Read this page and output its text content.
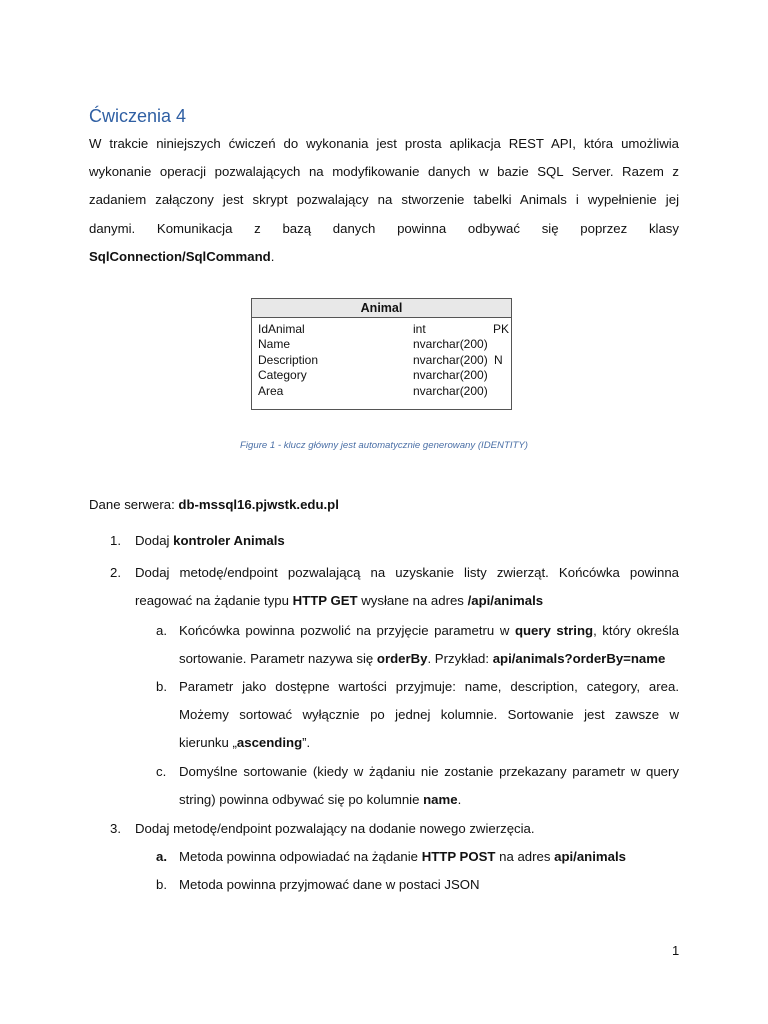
Ćwiczenia 4
W trakcie niniejszych ćwiczeń do wykonania jest prosta aplikacja REST API, która umożliwia
wykonanie operacji pozwalających na modyfikowanie danych w bazie SQL Server. Razem z
zadaniem załączony jest skrypt pozwalający na stworzenie tabelki Animals i wypełnienie jej
danymi. Komunikacja z bazą danych powinna odbywać się poprzez klasy
SqlConnection/SqlCommand.
Animal
IdAnimal	int	PK
Name	nvarchar(200)
Description	nvarchar(200) N
Category	nvarchar(200)
Area	nvarchar(200)
Figure 1 - klucz główny jest automatycznie generowany (IDENTITY)
Dane serwera: db-mssql16.pjwstk.edu.pl
1. Dodaj kontroler Animals
2. Dodaj metodę/endpoint pozwalającą na uzyskanie listy zwierząt. Końcówka powinna
reagować na żądanie typu HTTP GET wysłane na adres /api/animals
a. Końcówka powinna pozwolić na przyjęcie parametru w query string, który określa
sortowanie. Parametr nazywa się orderBy. Przykład: api/animals?orderBy=name
b. Parametr jako dostępne wartości przyjmuje: name, description, category, area.
Możemy sortować wyłącznie po jednej kolumnie. Sortowanie jest zawsze w
kierunku „ascending”.
c. Domyślne sortowanie (kiedy w żądaniu nie zostanie przekazany parametr w query
string) powinna odbywać się po kolumnie name.
3. Dodaj metodę/endpoint pozwalający na dodanie nowego zwierzęcia.
a. Metoda powinna odpowiadać na żądanie HTTP POST na adres api/animals
b. Metoda powinna przyjmować dane w postaci JSON
1
